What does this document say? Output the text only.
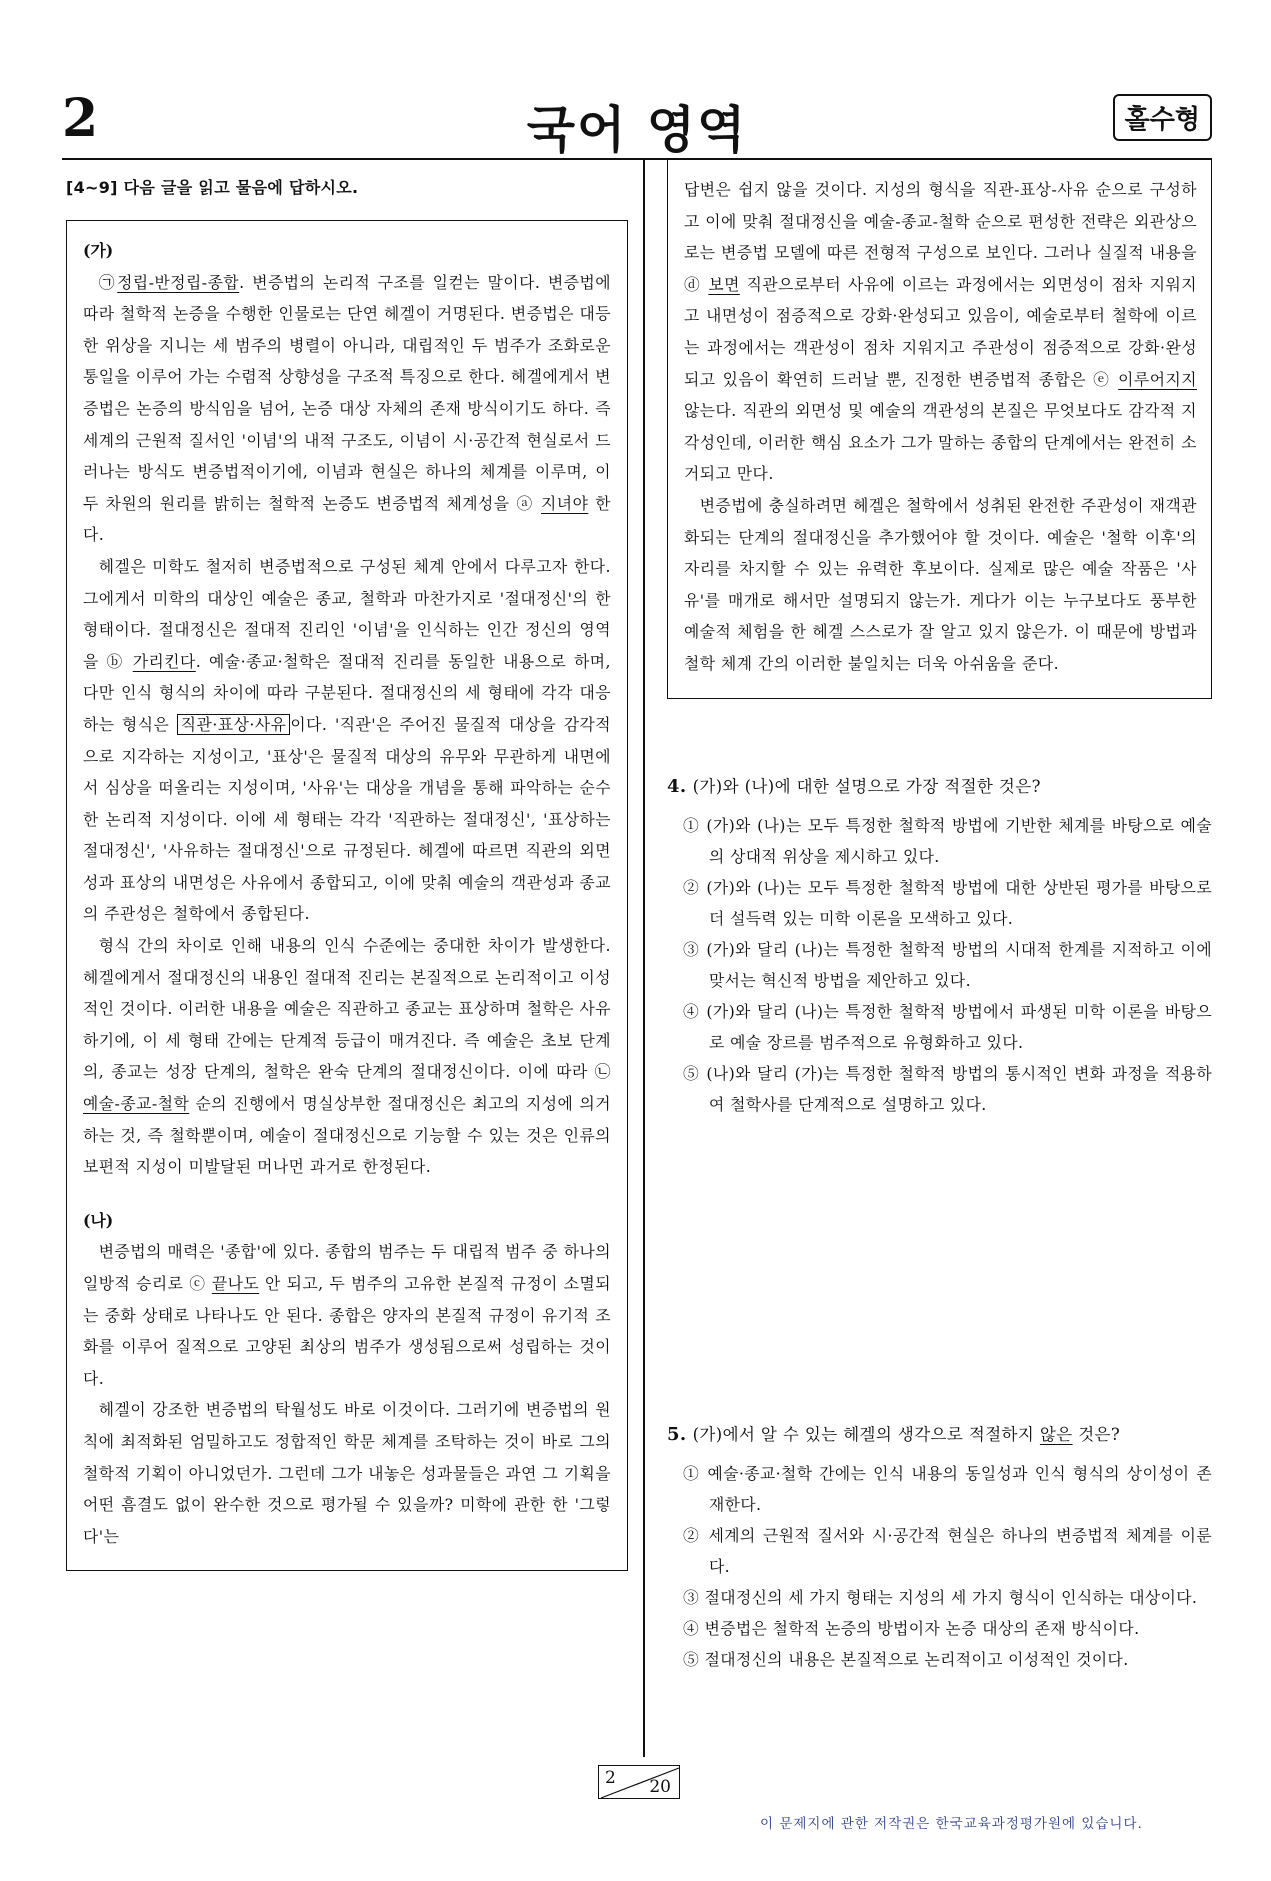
2	국어 영역	홀수형
[4~9] 다음 글을 읽고 물음에 답하시오.
(가)

㉠정립-반정립-종합. 변증법의 논리적 구조를 일컫는 말이다. 변증법에 따라 철학적 논증을 수행한 인물로는 단연 헤겔이 거명된다. 변증법은 대등한 위상을 지니는 세 범주의 병렬이 아니라, 대립적인 두 범주가 조화로운 통일을 이루어 가는 수렴적 상향성을 구조적 특징으로 한다. 헤겔에게서 변증법은 논증의 방식임을 넘어, 논증 대상 자체의 존재 방식이기도 하다. 즉 세계의 근원적 질서인 '이념'의 내적 구조도, 이념이 시·공간적 현실로서 드러나는 방식도 변증법적이기에, 이념과 현실은 하나의 체계를 이루며, 이 두 차원의 원리를 밝히는 철학적 논증도 변증법적 체계성을 ⓐ 지녀야 한다.

헤겔은 미학도 철저히 변증법적으로 구성된 체계 안에서 다루고자 한다. 그에게서 미학의 대상인 예술은 종교, 철학과 마찬가지로 '절대정신'의 한 형태이다. 절대정신은 절대적 진리인 '이념'을 인식하는 인간 정신의 영역을 ⓑ 가리킨다. 예술·종교·철학은 절대적 진리를 동일한 내용으로 하며, 다만 인식 형식의 차이에 따라 구분된다. 절대정신의 세 형태에 각각 대응하는 형식은 직관·표상·사유 이다. '직관'은 주어진 물질적 대상을 감각적으로 지각하는 지성이고, '표상'은 물질적 대상의 유무와 무관하게 내면에서 심상을 떠올리는 지성이며, '사유'는 대상을 개념을 통해 파악하는 순수한 논리적 지성이다. 이에 세 형태는 각각 '직관하는 절대정신', '표상하는 절대정신', '사유하는 절대정신'으로 규정된다. 헤겔에 따르면 직관의 외면성과 표상의 내면성은 사유에서 종합되고, 이에 맞춰 예술의 객관성과 종교의 주관성은 철학에서 종합된다.

형식 간의 차이로 인해 내용의 인식 수준에는 중대한 차이가 발생한다. 헤겔에게서 절대정신의 내용인 절대적 진리는 본질적으로 논리적이고 이성적인 것이다. 이러한 내용을 예술은 직관하고 종교는 표상하며 철학은 사유하기에, 이 세 형태 간에는 단계적 등급이 매겨진다. 즉 예술은 초보 단계의, 종교는 성장 단계의, 철학은 완숙 단계의 절대정신이다. 이에 따라 ㉡ 예술-종교-철학 순의 진행에서 명실상부한 절대정신은 최고의 지성에 의거하는 것, 즉 철학뿐이며, 예술이 절대정신으로 기능할 수 있는 것은 인류의 보편적 지성이 미발달된 머나먼 과거로 한정된다.

(나)

변증법의 매력은 '종합'에 있다. 종합의 범주는 두 대립적 범주 중 하나의 일방적 승리로 ⓒ 끝나도 안 되고, 두 범주의 고유한 본질적 규정이 소멸되는 중화 상태로 나타나도 안 된다. 종합은 양자의 본질적 규정이 유기적 조화를 이루어 질적으로 고양된 최상의 범주가 생성됨으로써 성립하는 것이다.

헤겔이 강조한 변증법의 탁월성도 바로 이것이다. 그러기에 변증법의 원칙에 최적화된 엄밀하고도 정합적인 학문 체계를 조탁하는 것이 바로 그의 철학적 기획이 아니었던가. 그런데 그가 내놓은 성과물들은 과연 그 기획을 어떤 흠결도 없이 완수한 것으로 평가될 수 있을까? 미학에 관한 한 '그렇다'는

답변은 쉽지 않을 것이다. 지성의 형식을 직관-표상-사유 순으로 구성하고 이에 맞춰 절대정신을 예술-종교-철학 순으로 편성한 전략은 외관상으로는 변증법 모델에 따른 전형적 구성으로 보인다. 그러나 실질적 내용을 ⓓ 보면 직관으로부터 사유에 이르는 과정에서는 외면성이 점차 지워지고 내면성이 점증적으로 강화·완성되고 있음이, 예술로부터 철학에 이르는 과정에서는 객관성이 점차 지워지고 주관성이 점증적으로 강화·완성되고 있음이 확연히 드러날 뿐, 진정한 변증법적 종합은 ⓔ 이루어지지 않는다. 직관의 외면성 및 예술의 객관성의 본질은 무엇보다도 감각적 지각성인데, 이러한 핵심 요소가 그가 말하는 종합의 단계에서는 완전히 소거되고 만다.

변증법에 충실하려면 헤겔은 철학에서 성취된 완전한 주관성이 재객관화되는 단계의 절대정신을 추가했어야 할 것이다. 예술은 '철학 이후'의 자리를 차지할 수 있는 유력한 후보이다. 실제로 많은 예술 작품은 '사유'를 매개로 해서만 설명되지 않는가. 게다가 이는 누구보다도 풍부한 예술적 체험을 한 헤겔 스스로가 잘 알고 있지 않은가. 이 때문에 방법과 철학 체계 간의 이러한 불일치는 더욱 아쉬움을 준다.

4. (가)와 (나)에 대한 설명으로 가장 적절한 것은?
① (가)와 (나)는 모두 특정한 철학적 방법에 기반한 체계를 바탕으로 예술의 상대적 위상을 제시하고 있다.
② (가)와 (나)는 모두 특정한 철학적 방법에 대한 상반된 평가를 바탕으로 더 설득력 있는 미학 이론을 모색하고 있다.
③ (가)와 달리 (나)는 특정한 철학적 방법의 시대적 한계를 지적하고 이에 맞서는 혁신적 방법을 제안하고 있다.
④ (가)와 달리 (나)는 특정한 철학적 방법에서 파생된 미학 이론을 바탕으로 예술 장르를 범주적으로 유형화하고 있다.
⑤ (나)와 달리 (가)는 특정한 철학적 방법의 통시적인 변화 과정을 적용하여 철학사를 단계적으로 설명하고 있다.
5. (가)에서 알 수 있는 헤겔의 생각으로 적절하지 않은 것은?
① 예술·종교·철학 간에는 인식 내용의 동일성과 인식 형식의 상이성이 존재한다.
② 세계의 근원적 질서와 시·공간적 현실은 하나의 변증법적 체계를 이룬다.
③ 절대정신의 세 가지 형태는 지성의 세 가지 형식이 인식하는 대상이다.
④ 변증법은 철학적 논증의 방법이자 논증 대상의 존재 방식이다.
⑤ 절대정신의 내용은 본질적으로 논리적이고 이성적인 것이다.
2 20
이 문제지에 관한 저작권은 한국교육과정평가원에 있습니다.
